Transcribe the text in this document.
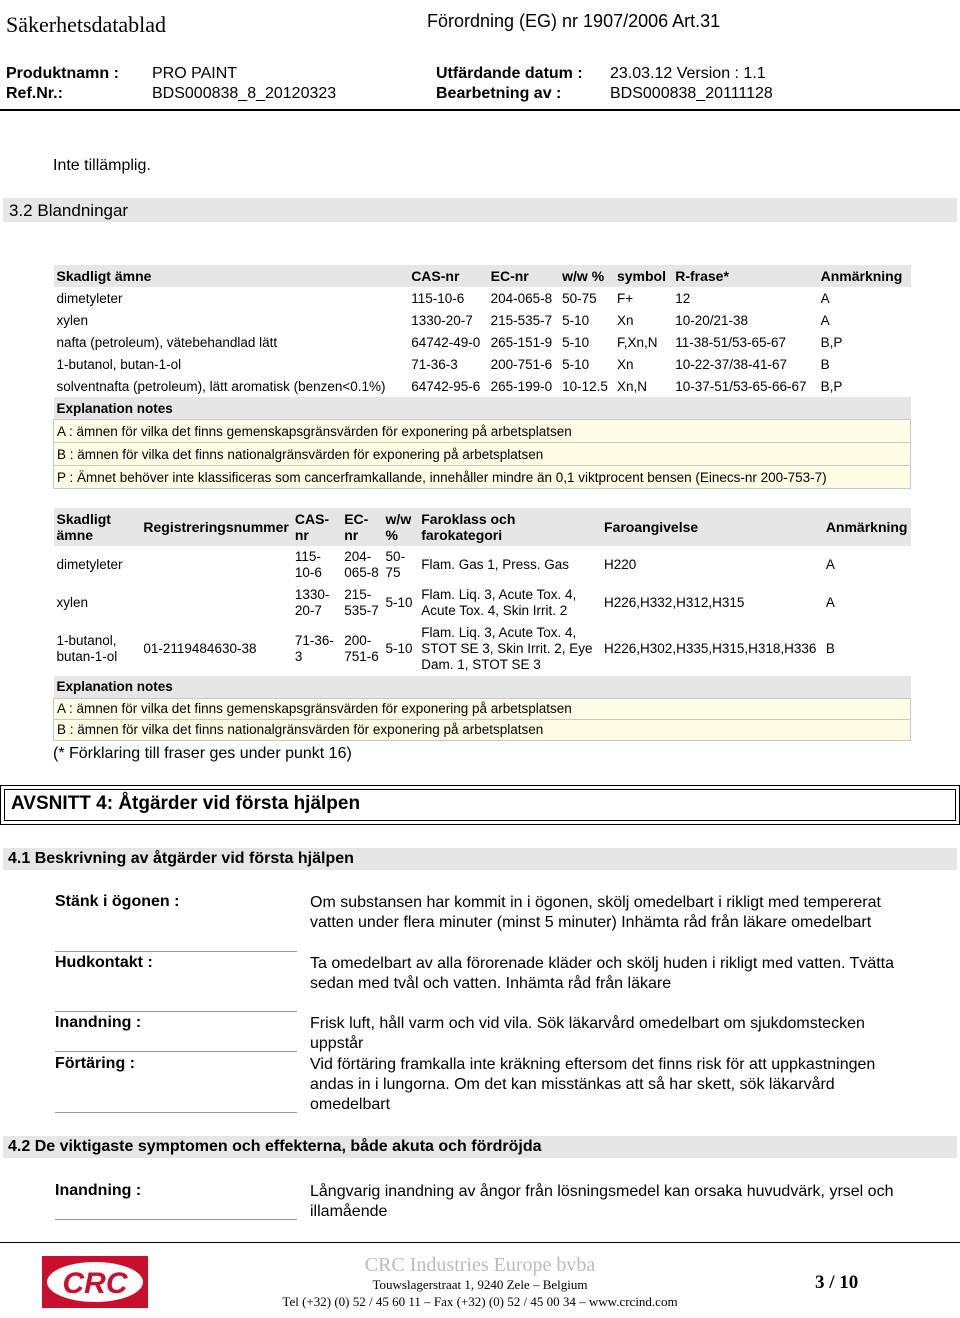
Säkerhetsdatablad	Förordning (EG) nr 1907/2006 Art.31
Produktnamn : PRO PAINT	Utfärdande datum : 23.03.12 Version : 1.1
Ref.Nr.:	BDS000838_8_20120323	Bearbetning av :	BDS000838_20111128
Inte tillämplig.
3.2 Blandningar
Skadligt ämne	CAS-nr	EC-nr	w/w %	symbol	R-frase*	Anmärkning
dimetyleter	115-10-6	204-065-8	50-75	F+	12	A
xylen	1330-20-7	215-535-7	5-10	Xn	10-20/21-38	A
nafta (petroleum), vätebehandlad lätt	64742-49-0	265-151-9	5-10	F,Xn,N	11-38-51/53-65-67	B,P
1-butanol, butan-1-ol	71-36-3	200-751-6	5-10	Xn	10-22-37/38-41-67	B
solventnafta (petroleum), lätt aromatisk (benzen<0.1%)	64742-95-6	265-199-0	10-12.5	Xn,N	10-37-51/53-65-66-67	B,P
Explanation notes						
A : ämnen för vilka det finns gemenskapsgränsvärden för exponering på arbetsplatsen						
B : ämnen för vilka det finns nationalgränsvärden för exponering på arbetsplatsen						
P : Ämnet behöver inte klassificeras som cancerframkallande, innehåller mindre än 0,1 viktprocent bensen (Einecs-nr 200-753-7)						
Skadligt ämne	Registreringsnummer	CAS-nr	EC-nr	w/w %	Faroklass och farokategori	Faroangivelse	Anmärkning
dimetyleter		115-10-6	204-065-8	50-75	Flam. Gas 1, Press. Gas	H220	A
xylen		1330-20-7	215-535-7	5-10	Flam. Liq. 3, Acute Tox. 4, Acute Tox. 4, Skin Irrit. 2	H226,H332,H312,H315	A
1-butanol, butan-1-ol	01-2119484630-38	71-36-3	200-751-6	5-10	Flam. Liq. 3, Acute Tox. 4, STOT SE 3, Skin Irrit. 2, Eye Dam. 1, STOT SE 3	H226,H302,H335,H315,H318,H336	B
Explanation notes							
A : ämnen för vilka det finns gemenskapsgränsvärden för exponering på arbetsplatsen							
B : ämnen för vilka det finns nationalgränsvärden för exponering på arbetsplatsen							
(* Förklaring till fraser ges under punkt 16)
AVSNITT 4: Åtgärder vid första hjälpen
4.1 Beskrivning av åtgärder vid första hjälpen
Stänk i ögonen :	Om substansen har kommit in i ögonen, skölj omedelbart i rikligt med tempererat vatten under flera minuter (minst 5 minuter) Inhämta råd från läkare omedelbart
Hudkontakt :	Ta omedelbart av alla förorenade kläder och skölj huden i rikligt med vatten. Tvätta sedan med tvål och vatten. Inhämta råd från läkare
Inandning :	Frisk luft, håll varm och vid vila. Sök läkarvård omedelbart om sjukdomstecken uppstår
Förtäring :	Vid förtäring framkalla inte kräkning eftersom det finns risk för att uppkastningen andas in i lungorna. Om det kan misstänkas att så har skett, sök läkarvård omedelbart
4.2 De viktigaste symptomen och effekterna, både akuta och fördröjda
Inandning :	Långvarig inandning av ångor från lösningsmedel kan orsaka huvudvärk, yrsel och illamående
CRC
CRC Industries Europe bvba
Touwslagerstraat 1, 9240 Zele – Belgium
Tel (+32) (0) 52 / 45 60 11 – Fax (+32) (0) 52 / 45 00 34 – www.crcind.com
3 / 10
